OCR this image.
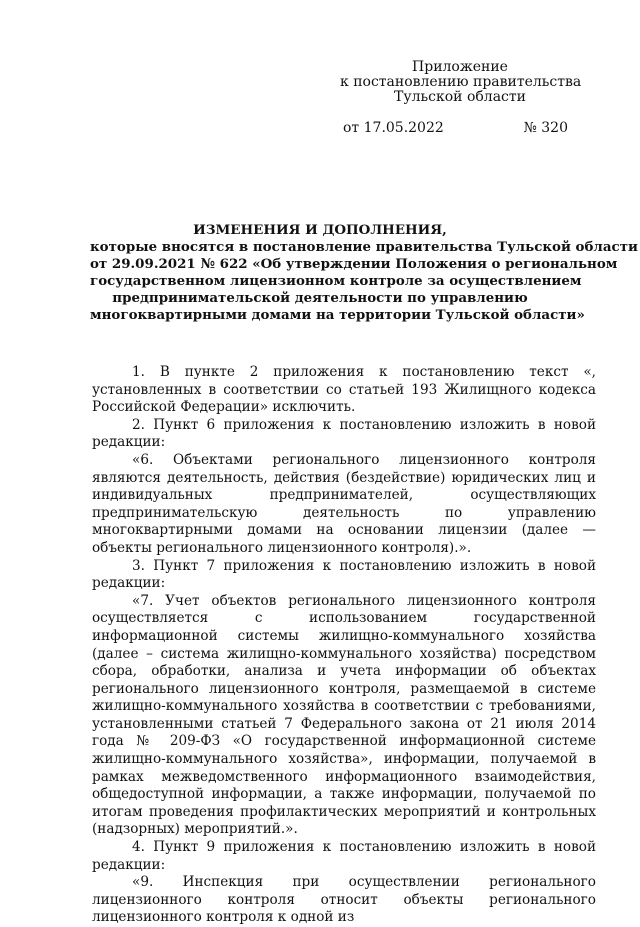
Приложение
к постановлению правительства
Тульской области
от 17.05.2022	№ 320
ИЗМЕНЕНИЯ И ДОПОЛНЕНИЯ,
которые вносятся в постановление правительства Тульской области
от 29.09.2021 № 622 «Об утверждении Положения о региональном
государственном лицензионном контроле за осуществлением
предпринимательской деятельности по управлению
многоквартирными домами на территории Тульской области»

1. В пункте 2 приложения к постановлению текст «, установленных в соответствии со статьей 193 Жилищного кодекса Российской Федерации» исключить.

2. Пункт 6 приложения к постановлению изложить в новой редакции:

«6. Объектами регионального лицензионного контроля являются деятельность, действия (бездействие) юридических лиц и индивидуальных предпринимателей, осуществляющих предпринимательскую деятельность по управлению многоквартирными домами на основании лицензии (далее — объекты регионального лицензионного контроля).».

3. Пункт 7 приложения к постановлению изложить в новой редакции:

«7. Учет объектов регионального лицензионного контроля осуществляется с использованием государственной информационной системы жилищно-коммунального хозяйства (далее – система жилищно-коммунального хозяйства) посредством сбора, обработки, анализа и учета информации об объектах регионального лицензионного контроля, размещаемой в системе жилищно-коммунального хозяйства в соответствии с требованиями, установленными статьей 7 Федерального закона от 21 июля 2014 года № 209-ФЗ «О государственной информационной системе жилищно-коммунального хозяйства», информации, получаемой в рамках межведомственного информационного взаимодействия, общедоступной информации, а также информации, получаемой по итогам проведения профилактических мероприятий и контрольных (надзорных) мероприятий.».

4. Пункт 9 приложения к постановлению изложить в новой редакции:

«9. Инспекция при осуществлении регионального лицензионного контроля относит объекты регионального лицензионного контроля к одной из
